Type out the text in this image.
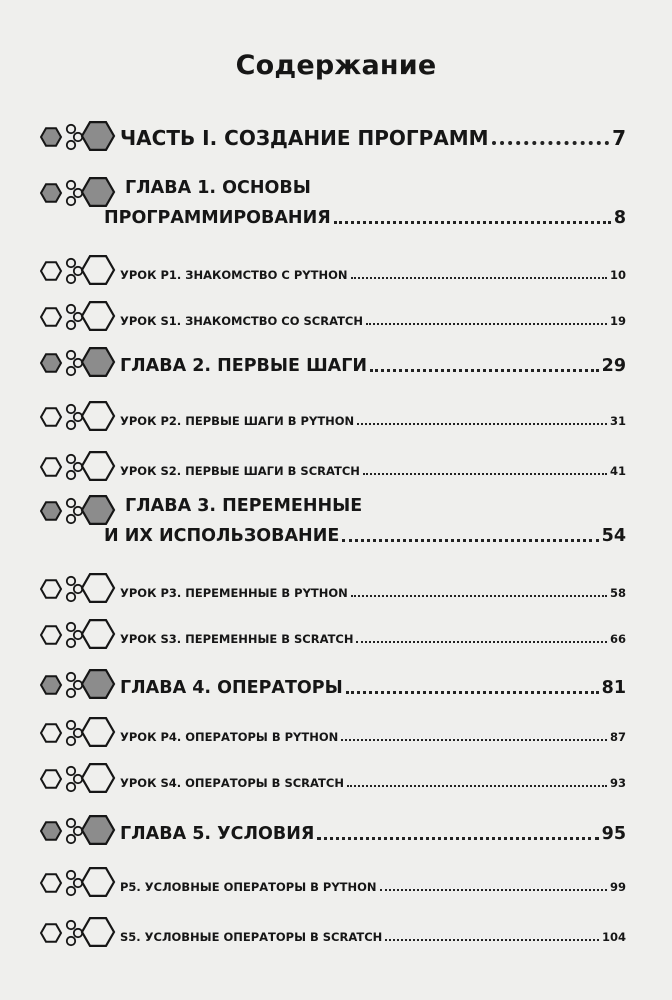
Содержание
ЧАСТЬ I. СОЗДАНИЕ ПРОГРАММ	7
ГЛАВА 1. ОСНОВЫ
ПРОГРАММИРОВАНИЯ	8
УРОК P1. ЗНАКОМСТВО С PYTHON	10
УРОК S1. ЗНАКОМСТВО СО SCRATCH	19
ГЛАВА 2. ПЕРВЫЕ ШАГИ	29
УРОК P2. ПЕРВЫЕ ШАГИ В PYTHON	31
УРОК S2. ПЕРВЫЕ ШАГИ В SCRATCH	41
ГЛАВА 3. ПЕРЕМЕННЫЕ
И ИХ ИСПОЛЬЗОВАНИЕ	54
УРОК P3. ПЕРЕМЕННЫЕ В PYTHON	58
УРОК S3. ПЕРЕМЕННЫЕ В SCRATCH	66
ГЛАВА 4. ОПЕРАТОРЫ	81
УРОК P4. ОПЕРАТОРЫ В PYTHON	87
УРОК S4. ОПЕРАТОРЫ В SCRATCH	93
ГЛАВА 5. УСЛОВИЯ	95
P5. УСЛОВНЫЕ ОПЕРАТОРЫ В PYTHON	99
S5. УСЛОВНЫЕ ОПЕРАТОРЫ В SCRATCH	104
